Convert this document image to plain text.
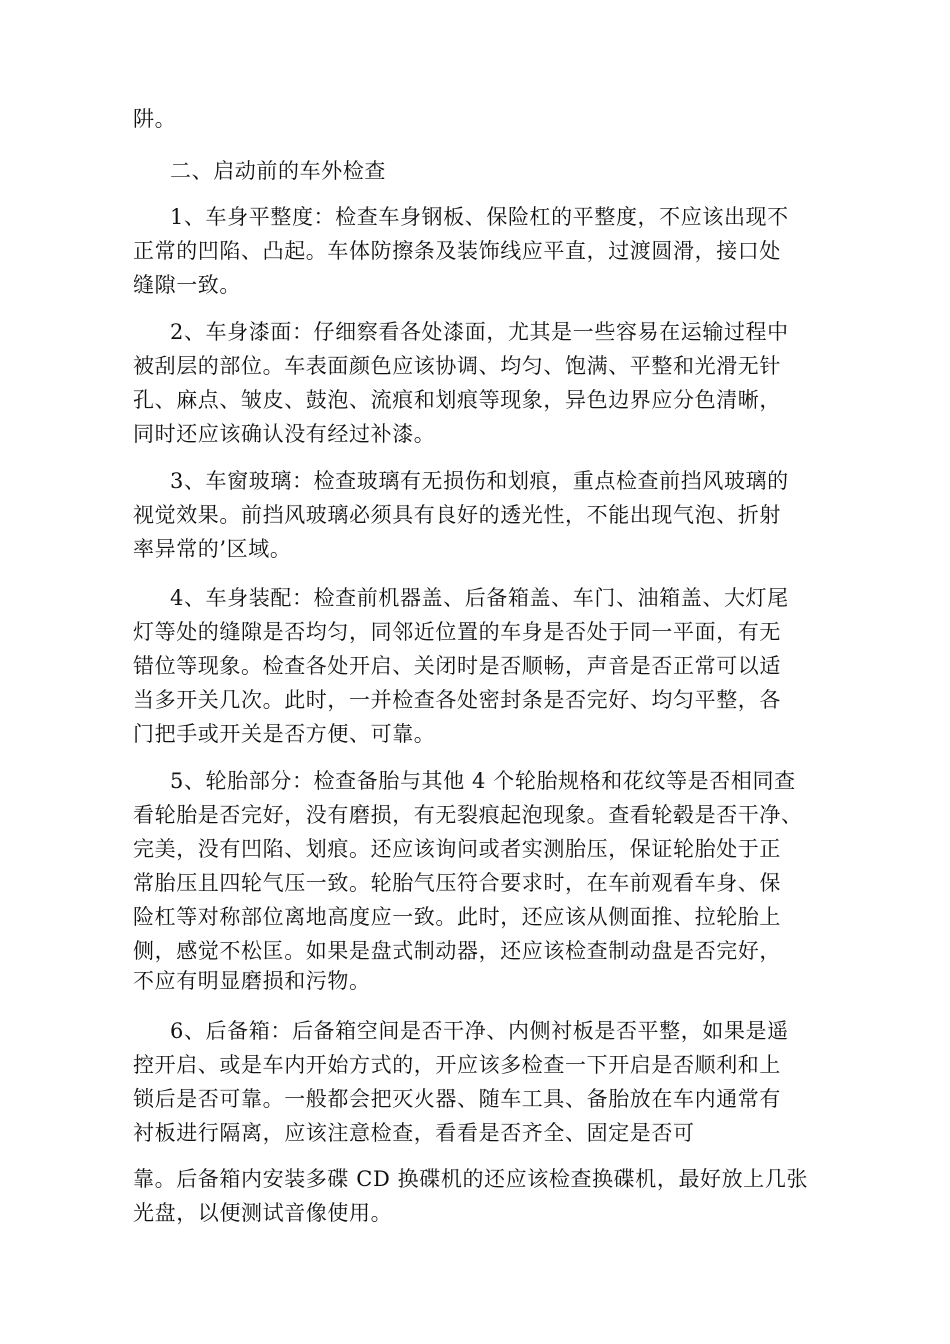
阱。
二、启动前的车外检查
1、车身平整度：检查车身钢板、保险杠的平整度，不应该出现不
正常的凹陷、凸起。车体防擦条及装饰线应平直，过渡圆滑，接口处
缝隙一致。
2、车身漆面：仔细察看各处漆面，尤其是一些容易在运输过程中
被刮层的部位。车表面颜色应该协调、均匀、饱满、平整和光滑无针
孔、麻点、皱皮、鼓泡、流痕和划痕等现象，异色边界应分色清晰，
同时还应该确认没有经过补漆。
3、车窗玻璃：检查玻璃有无损伤和划痕，重点检查前挡风玻璃的
视觉效果。前挡风玻璃必须具有良好的透光性，不能出现气泡、折射
率异常的’区域。
4、车身装配：检查前机器盖、后备箱盖、车门、油箱盖、大灯尾
灯等处的缝隙是否均匀，同邻近位置的车身是否处于同一平面，有无
错位等现象。检查各处开启、关闭时是否顺畅，声音是否正常可以适
当多开关几次。此时，一并检查各处密封条是否完好、均匀平整，各
门把手或开关是否方便、可靠。
5、轮胎部分：检查备胎与其他 4 个轮胎规格和花纹等是否相同查
看轮胎是否完好，没有磨损，有无裂痕起泡现象。查看轮毂是否干净、
完美，没有凹陷、划痕。还应该询问或者实测胎压，保证轮胎处于正
常胎压且四轮气压一致。轮胎气压符合要求时，在车前观看车身、保
险杠等对称部位离地高度应一致。此时，还应该从侧面推、拉轮胎上
侧，感觉不松匡。如果是盘式制动器，还应该检查制动盘是否完好，
不应有明显磨损和污物。
6、后备箱：后备箱空间是否干净、内侧衬板是否平整，如果是遥
控开启、或是车内开始方式的，开应该多检查一下开启是否顺利和上
锁后是否可靠。一般都会把灭火器、随车工具、备胎放在车内通常有
衬板进行隔离，应该注意检查，看看是否齐全、固定是否可
靠。后备箱内安装多碟 CD 换碟机的还应该检查换碟机，最好放上几张
光盘，以便测试音像使用。
